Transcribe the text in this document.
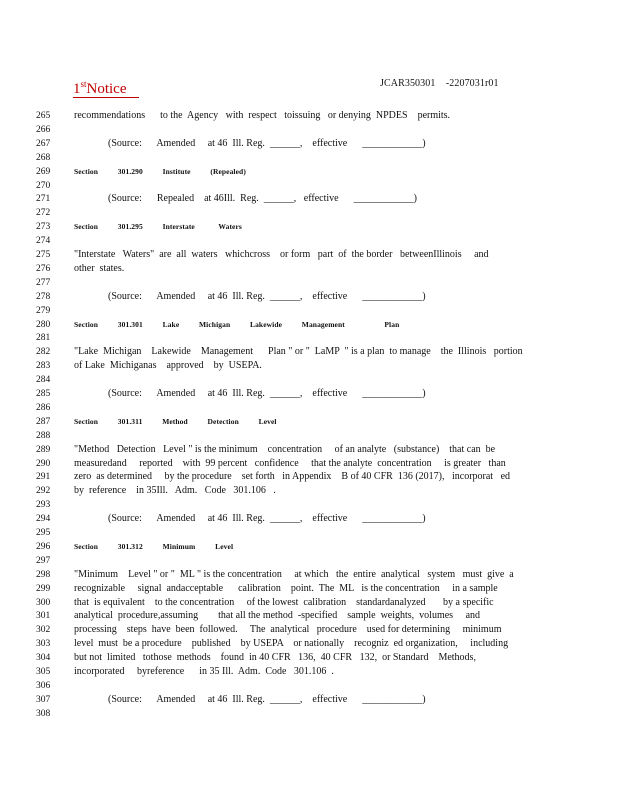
1stNotice	JCAR350301    -2207031r01
265	recommendations      to the  Agency   with  respect   toissuing   or denying  NPDES    permits.
266
267	(Source:      Amended     at 46  Ill. Reg.  ______,    effective      ____________)
268
269	Section          301.290          Institute          (Repealed)
270
271	(Source:      Repealed    at 46Ill.  Reg.  ______,   effective      ____________)
272
273	Section          301.295          Interstate            Waters
274
275	"Interstate   Waters"  are  all  waters   whichcross    or form   part  of  the border   betweenIllinois     and
276	other  states.
277
278	(Source:      Amended     at 46  Ill. Reg.  ______,    effective      ____________)
279
280	Section          301.301          Lake          Michigan          Lakewide          Management                    Plan
281
282	"Lake  Michigan    Lakewide    Management      Plan " or "  LaMP  " is a plan  to manage    the  Illinois   portion
283	of Lake  Michiganas    approved    by  USEPA.
284
285	(Source:      Amended     at 46  Ill. Reg.  ______,    effective      ____________)
286
287	Section          301.311          Method          Detection          Level
288
289	"Method   Detection   Level " is the minimum    concentration     of an analyte   (substance)    that can  be
290	measuredand     reported    with  99 percent   confidence     that the analyte  concentration     is greater   than
291	zero  as determined     by the procedure    set forth   in Appendix    B of 40 CFR  136 (2017),   incorporat   ed
292	by  reference    in 35Ill.   Adm.   Code   301.106   .
293
294	(Source:      Amended     at 46  Ill. Reg.  ______,    effective      ____________)
295
296	Section          301.312          Minimum          Level
297
298	"Minimum    Level " or "  ML " is the concentration     at which   the  entire  analytical   system   must  give  a
299	recognizable     signal  andacceptable      calibration    point.  The  ML   is the concentration     in a sample
300	that  is equivalent    to the concentration     of the lowest  calibration    standardanalyzed       by a specific
301	analytical  procedure,assuming        that all the method  -specified    sample  weights,  volumes     and
302	processing    steps  have  been  followed.     The  analytical   procedure    used for determining     minimum
303	level  must  be a procedure    published    by USEPA    or nationally    recogniz  ed organization,     including
304	but not  limited   tothose  methods    found  in 40 CFR   136,  40 CFR   132,  or Standard    Methods,
305	incorporated     byreference      in 35 Ill.  Adm.  Code   301.106  .
306
307	(Source:      Amended     at 46  Ill. Reg.  ______,    effective      ____________)
308
